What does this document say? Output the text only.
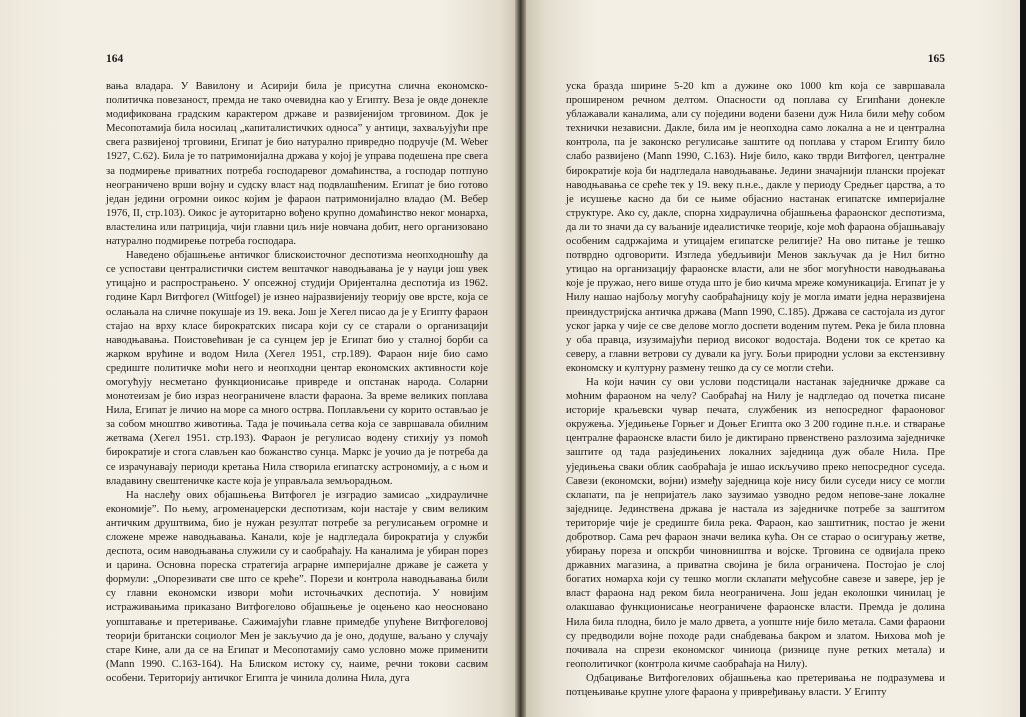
164

вања владара. У Вавилону и Асирији била је присутна слична економско-политичка повезаност, премда не тако очевидна као у Египту. Веза је овде донекле модификована градским карактером државе и развијенијом трговином. Док је Месопотамија била носилац „капиталистичких односа” у антици, захваљујући пре свега развијеној трговини, Египат је био натурално привредно подручје (M. Weber 1927, C.62). Била је то патримонијална држава у којој је управа подешена пре свега за подмирење приватних потреба господаревог домаћинства, а господар потпуно неограничено врши војну и судску власт над подвлашћеним. Египат је био готово један једини огромни оикос којим је фараон патримонијално владао (M. Вебер 1976, II, стр.103). Оикос је ауторитарно вођено крупно домаћинство неког монарха, властелина или патриција, чији главни циљ није новчана добит, него организовано натурално подмирење потреба господара.

Наведено објашњење античког блискоисточног деспотизма неопходношћу да се успостави централистички систем вештачког наводњавања је у науци још увек утицајно и распрострањено. У опсежној студији Оријентална деспотија из 1962. године Карл Витфогел (Wittfogel) је изнео најразвијенију теорију ове врсте, која се ослањала на сличне покушаје из 19. века. Још је Хегел писао да је у Египту фараон стајао на врху класе бирократских писара који су се старали о организацији наводњавања. Поистовећиван је са сунцем јер је Египат био у сталној борби са жарком врућине и водом Нила (Хегел 1951, стр.189). Фараон није био само средиште политичке моћи него и неопходни центар економских активности које омогућују несметано функционисање привреде и опстанак народа. Соларни монотеизам је био израз неограничене власти фараона. За време великих поплава Нила, Египат је личио на море са много острва. Поплављени су корито остављао је за собом мноштво животиња. Тада је почињала сетва која се завршавала обилним жетвама (Хегел 1951. стр.193). Фараон је регулисао водену стихију уз помоћ бирократије и стога слављен као божанство сунца. Маркс је уочио да је потреба да се израчунавају периоди кретања Нила створила египатску астрономију, а с њом и владавину свештеничке касте која је управљала земљорадњом.

На наслеђу ових објашњења Витфогел је изградио замисао „хидрауличне економије”. По њему, агроменаџерски деспотизам, који настаје у свим великим античким друштвима, био је нужан резултат потребе за регулисањем огромне и сложене мреже наводњавања. Канали, које је надгледала бирократија у служби деспота, осим наводњавања служили су и саобраћају. На каналима је убиран порез и царина. Основна пореска стратегија аграрне империјалне државе је сажета у формули: „Опорезивати све што се креће”. Порези и контрола наводњавања били су главни економски извори моћи источњачких деспотија. У новијим истраживањима приказано Витфогелово објашњење је оцењено као неосновано уопштавање и претеривање. Сажимајући главне примедбе упућене Витфогеловој теорији британски социолог Мен је закључио да је оно, додуше, ваљано у случају старе Кине, али да се на Египат и Месопотамију само условно може применити (Mann 1990. C.163-164). На Блиском истоку су, наиме, речни токови сасвим особени. Територију античког Египта је чинила долина Нила, дуга

165

уска бразда ширине 5-20 km а дужине око 1000 km која се завршавала проширеном речном делтом. Опасности од поплава су Египћани донекле ублажавали каналима, али су поједини водени базени дуж Нила били међу собом технички независни. Дакле, била им је неопходна само локална а не и централна контрола, па је законско регулисање заштите од поплава у старом Египту било слабо развијено (Mann 1990, C.163). Није било, како тврди Витфогел, централне бирократије која би надгледала наводњавање. Једини значајнији плански пројекат наводњавања се среће тек у 19. веку п.н.е., дакле у периоду Средњег царства, а то је исушење касно да би се њиме објаснио настанак египатске империјалне структуре. Ако су, дакле, спорна хидраулична објашњења фараонског деспотизма, да ли то значи да су ваљаније идеалистичке теорије, које моћ фараона објашњавају особеним садржајима и утицајем египатске религије? На ово питање је тешко потврдно одговорити. Изгледа убедљивији Менов закључак да је Нил битно утицао на организацију фараонске власти, али не због могућности наводњавања које је пружао, него више отуда што је био кичма мреже комуникација. Египат је у Нилу нашао најбољу могућу саобраћајницу коју је могла имати једна неразвијена преиндустријска античка држава (Mann 1990, C.185). Држава се састојала из дугог уског јарка у чије се све делове могло доспети воденим путем. Река је била пловна у оба правца, изузимајући период високог водостаја. Водени ток се кретао ка северу, а главни ветрови су дували ка југу. Бољи природни услови за екстензивну економску и културну размену тешко да су се могли стећи.

На који начин су ови услови подстицали настанак заједничке државе са моћним фараоном на челу? Саобраћај на Нилу је надгледао од почетка писане историје краљевски чувар печата, службеник из непосредног фараоновог окружења. Уједињење Горњег и Доњег Египта око 3 200 године п.н.е. и стварање централне фараонске власти било је диктирано првенствено разлозима заједничке заштите од тада разједињених локалних заједница дуж обале Нила. Пре уједињења сваки облик саобраћаја је ишао искључиво преко непосредног суседа. Савези (економски, војни) између заједница које нису били суседи нису се могли склапати, па је непријатељ лако заузимао узводно редом непове-зане локалне заједнице. Јединствена држава је настала из заједничке потребе за заштитом територије чије је средиште била река. Фараон, као заштитник, постао је жени добротвор. Сама реч фараон значи велика кућа. Он се старао о осигурању жетве, убирању пореза и опскрби чиновништва и војске. Трговина се одвијала преко државних магазина, а приватна својина је била ограничена. Постојао је слој богатих номарха који су тешко могли склапати међусобне савезе и заверe, јер је власт фараона над реком била неограничена. Још један еколошки чинилац је олакшавао функционисање неограничене фараонске власти. Премда је долина Нила била плодна, било је мало дрвета, а уопште није било метала. Сами фараони су предводили војне походе ради снабдевања бакром и златом. Њихова моћ је почивала на спрези економског чиниоца (ризнице пуне ретких метала) и геополитичког (контрола кичме саобраћаја на Нилу).

Одбацивање Витфогелових објашњења као претеривања не подразумева и потцењивање крупне улоге фараона у привређивању власти. У Египту
